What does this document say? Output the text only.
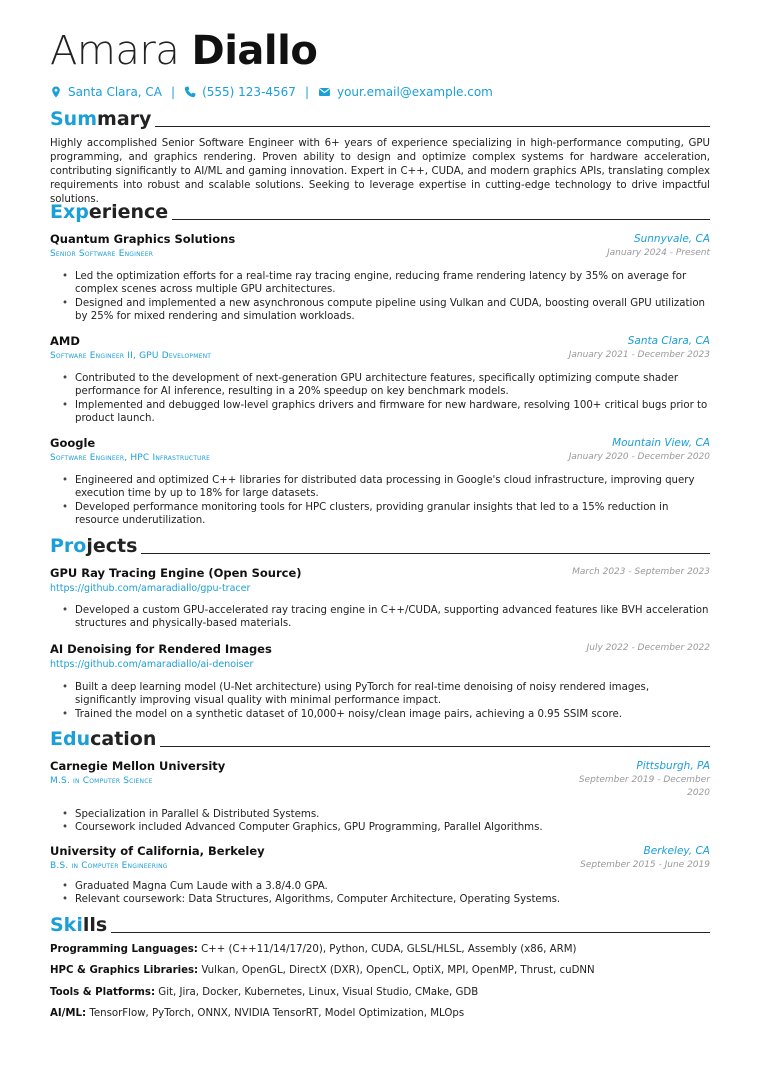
Amara Diallo
Santa Clara, CA | (555) 123-4567 | your.email@example.com
Summary
Highly accomplished Senior Software Engineer with 6+ years of experience specializing in high-performance computing, GPU programming, and graphics rendering. Proven ability to design and optimize complex systems for hardware acceleration, contributing significantly to AI/ML and gaming innovation. Expert in C++, CUDA, and modern graphics APIs, translating complex requirements into robust and scalable solutions. Seeking to leverage expertise in cutting-edge technology to drive impactful solutions.
Experience
Quantum Graphics Solutions	Sunnyvale, CA
Senior Software Engineer	January 2024 - Present
• Led the optimization efforts for a real-time ray tracing engine, reducing frame rendering latency by 35% on average for complex scenes across multiple GPU architectures.
• Designed and implemented a new asynchronous compute pipeline using Vulkan and CUDA, boosting overall GPU utilization by 25% for mixed rendering and simulation workloads.
AMD	Santa Clara, CA
Software Engineer II, GPU Development	January 2021 - December 2023
• Contributed to the development of next-generation GPU architecture features, specifically optimizing compute shader performance for AI inference, resulting in a 20% speedup on key benchmark models.
• Implemented and debugged low-level graphics drivers and firmware for new hardware, resolving 100+ critical bugs prior to product launch.
Google	Mountain View, CA
Software Engineer, HPC Infrastructure	January 2020 - December 2020
• Engineered and optimized C++ libraries for distributed data processing in Google's cloud infrastructure, improving query execution time by up to 18% for large datasets.
• Developed performance monitoring tools for HPC clusters, providing granular insights that led to a 15% reduction in resource underutilization.
Projects
GPU Ray Tracing Engine (Open Source)	March 2023 - September 2023
https://github.com/amaradiallo/gpu-tracer
• Developed a custom GPU-accelerated ray tracing engine in C++/CUDA, supporting advanced features like BVH acceleration structures and physically-based materials.
AI Denoising for Rendered Images	July 2022 - December 2022
https://github.com/amaradiallo/ai-denoiser
• Built a deep learning model (U-Net architecture) using PyTorch for real-time denoising of noisy rendered images, significantly improving visual quality with minimal performance impact.
• Trained the model on a synthetic dataset of 10,000+ noisy/clean image pairs, achieving a 0.95 SSIM score.
Education
Carnegie Mellon University	Pittsburgh, PA
M.S. in Computer Science	September 2019 - December
2020
• Specialization in Parallel & Distributed Systems.
• Coursework included Advanced Computer Graphics, GPU Programming, Parallel Algorithms.
University of California, Berkeley	Berkeley, CA
B.S. in Computer Engineering	September 2015 - June 2019
• Graduated Magna Cum Laude with a 3.8/4.0 GPA.
• Relevant coursework: Data Structures, Algorithms, Computer Architecture, Operating Systems.
Skills
Programming Languages: C++ (C++11/14/17/20), Python, CUDA, GLSL/HLSL, Assembly (x86, ARM)
HPC & Graphics Libraries: Vulkan, OpenGL, DirectX (DXR), OpenCL, OptiX, MPI, OpenMP, Thrust, cuDNN
Tools & Platforms: Git, Jira, Docker, Kubernetes, Linux, Visual Studio, CMake, GDB
AI/ML: TensorFlow, PyTorch, ONNX, NVIDIA TensorRT, Model Optimization, MLOps
